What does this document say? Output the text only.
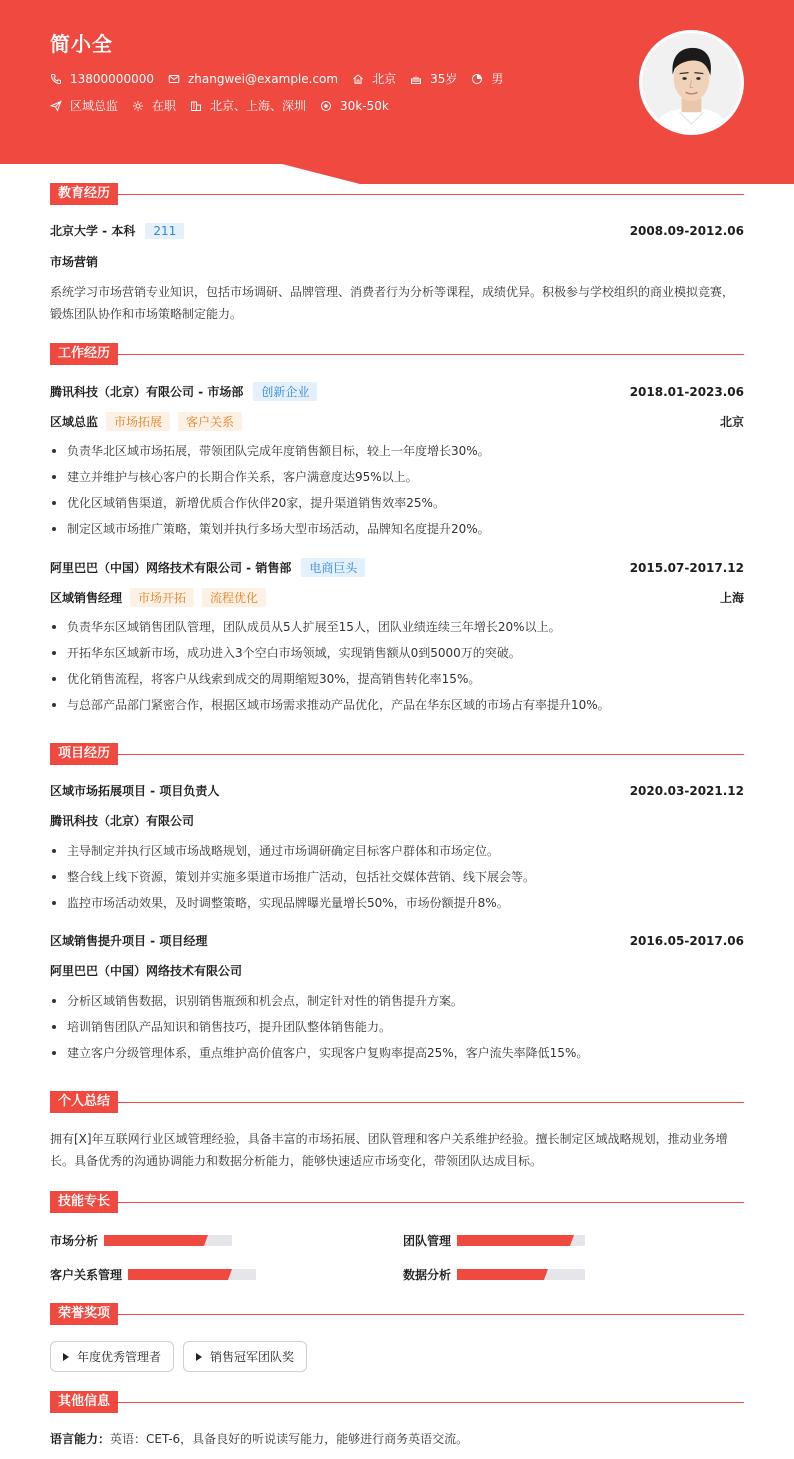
简小全
13800000000	zhangwei@example.com	北京	35岁	男
区域总监	在职	北京、上海、深圳	30k-50k
教育经历
北京大学 - 本科	211	2008.09-2012.06
市场营销
系统学习市场营销专业知识，包括市场调研、品牌管理、消费者行为分析等课程，成绩优异。积极参与学校组织的商业模拟竞赛，锻炼团队协作和市场策略制定能力。
工作经历
腾讯科技（北京）有限公司 - 市场部	创新企业	2018.01-2023.06
区域总监	市场拓展	客户关系	北京
负责华北区域市场拓展，带领团队完成年度销售额目标，较上一年度增长30%。
建立并维护与核心客户的长期合作关系，客户满意度达95%以上。
优化区域销售渠道，新增优质合作伙伴20家，提升渠道销售效率25%。
制定区域市场推广策略，策划并执行多场大型市场活动，品牌知名度提升20%。
阿里巴巴（中国）网络技术有限公司 - 销售部	电商巨头	2015.07-2017.12
区域销售经理	市场开拓	流程优化	上海
负责华东区域销售团队管理，团队成员从5人扩展至15人，团队业绩连续三年增长20%以上。
开拓华东区域新市场，成功进入3个空白市场领域，实现销售额从0到5000万的突破。
优化销售流程，将客户从线索到成交的周期缩短30%，提高销售转化率15%。
与总部产品部门紧密合作，根据区域市场需求推动产品优化，产品在华东区域的市场占有率提升10%。
项目经历
区域市场拓展项目 - 项目负责人	2020.03-2021.12
腾讯科技（北京）有限公司
主导制定并执行区域市场战略规划，通过市场调研确定目标客户群体和市场定位。
整合线上线下资源，策划并实施多渠道市场推广活动，包括社交媒体营销、线下展会等。
监控市场活动效果，及时调整策略，实现品牌曝光量增长50%，市场份额提升8%。
区域销售提升项目 - 项目经理	2016.05-2017.06
阿里巴巴（中国）网络技术有限公司
分析区域销售数据，识别销售瓶颈和机会点，制定针对性的销售提升方案。
培训销售团队产品知识和销售技巧，提升团队整体销售能力。
建立客户分级管理体系，重点维护高价值客户，实现客户复购率提高25%，客户流失率降低15%。
个人总结
拥有[X]年互联网行业区域管理经验，具备丰富的市场拓展、团队管理和客户关系维护经验。擅长制定区域战略规划，推动业务增长。具备优秀的沟通协调能力和数据分析能力，能够快速适应市场变化，带领团队达成目标。
技能专长
市场分析	团队管理
客户关系管理	数据分析
荣誉奖项
年度优秀管理者	销售冠军团队奖
其他信息
语言能力：英语：CET-6，具备良好的听说读写能力，能够进行商务英语交流。
